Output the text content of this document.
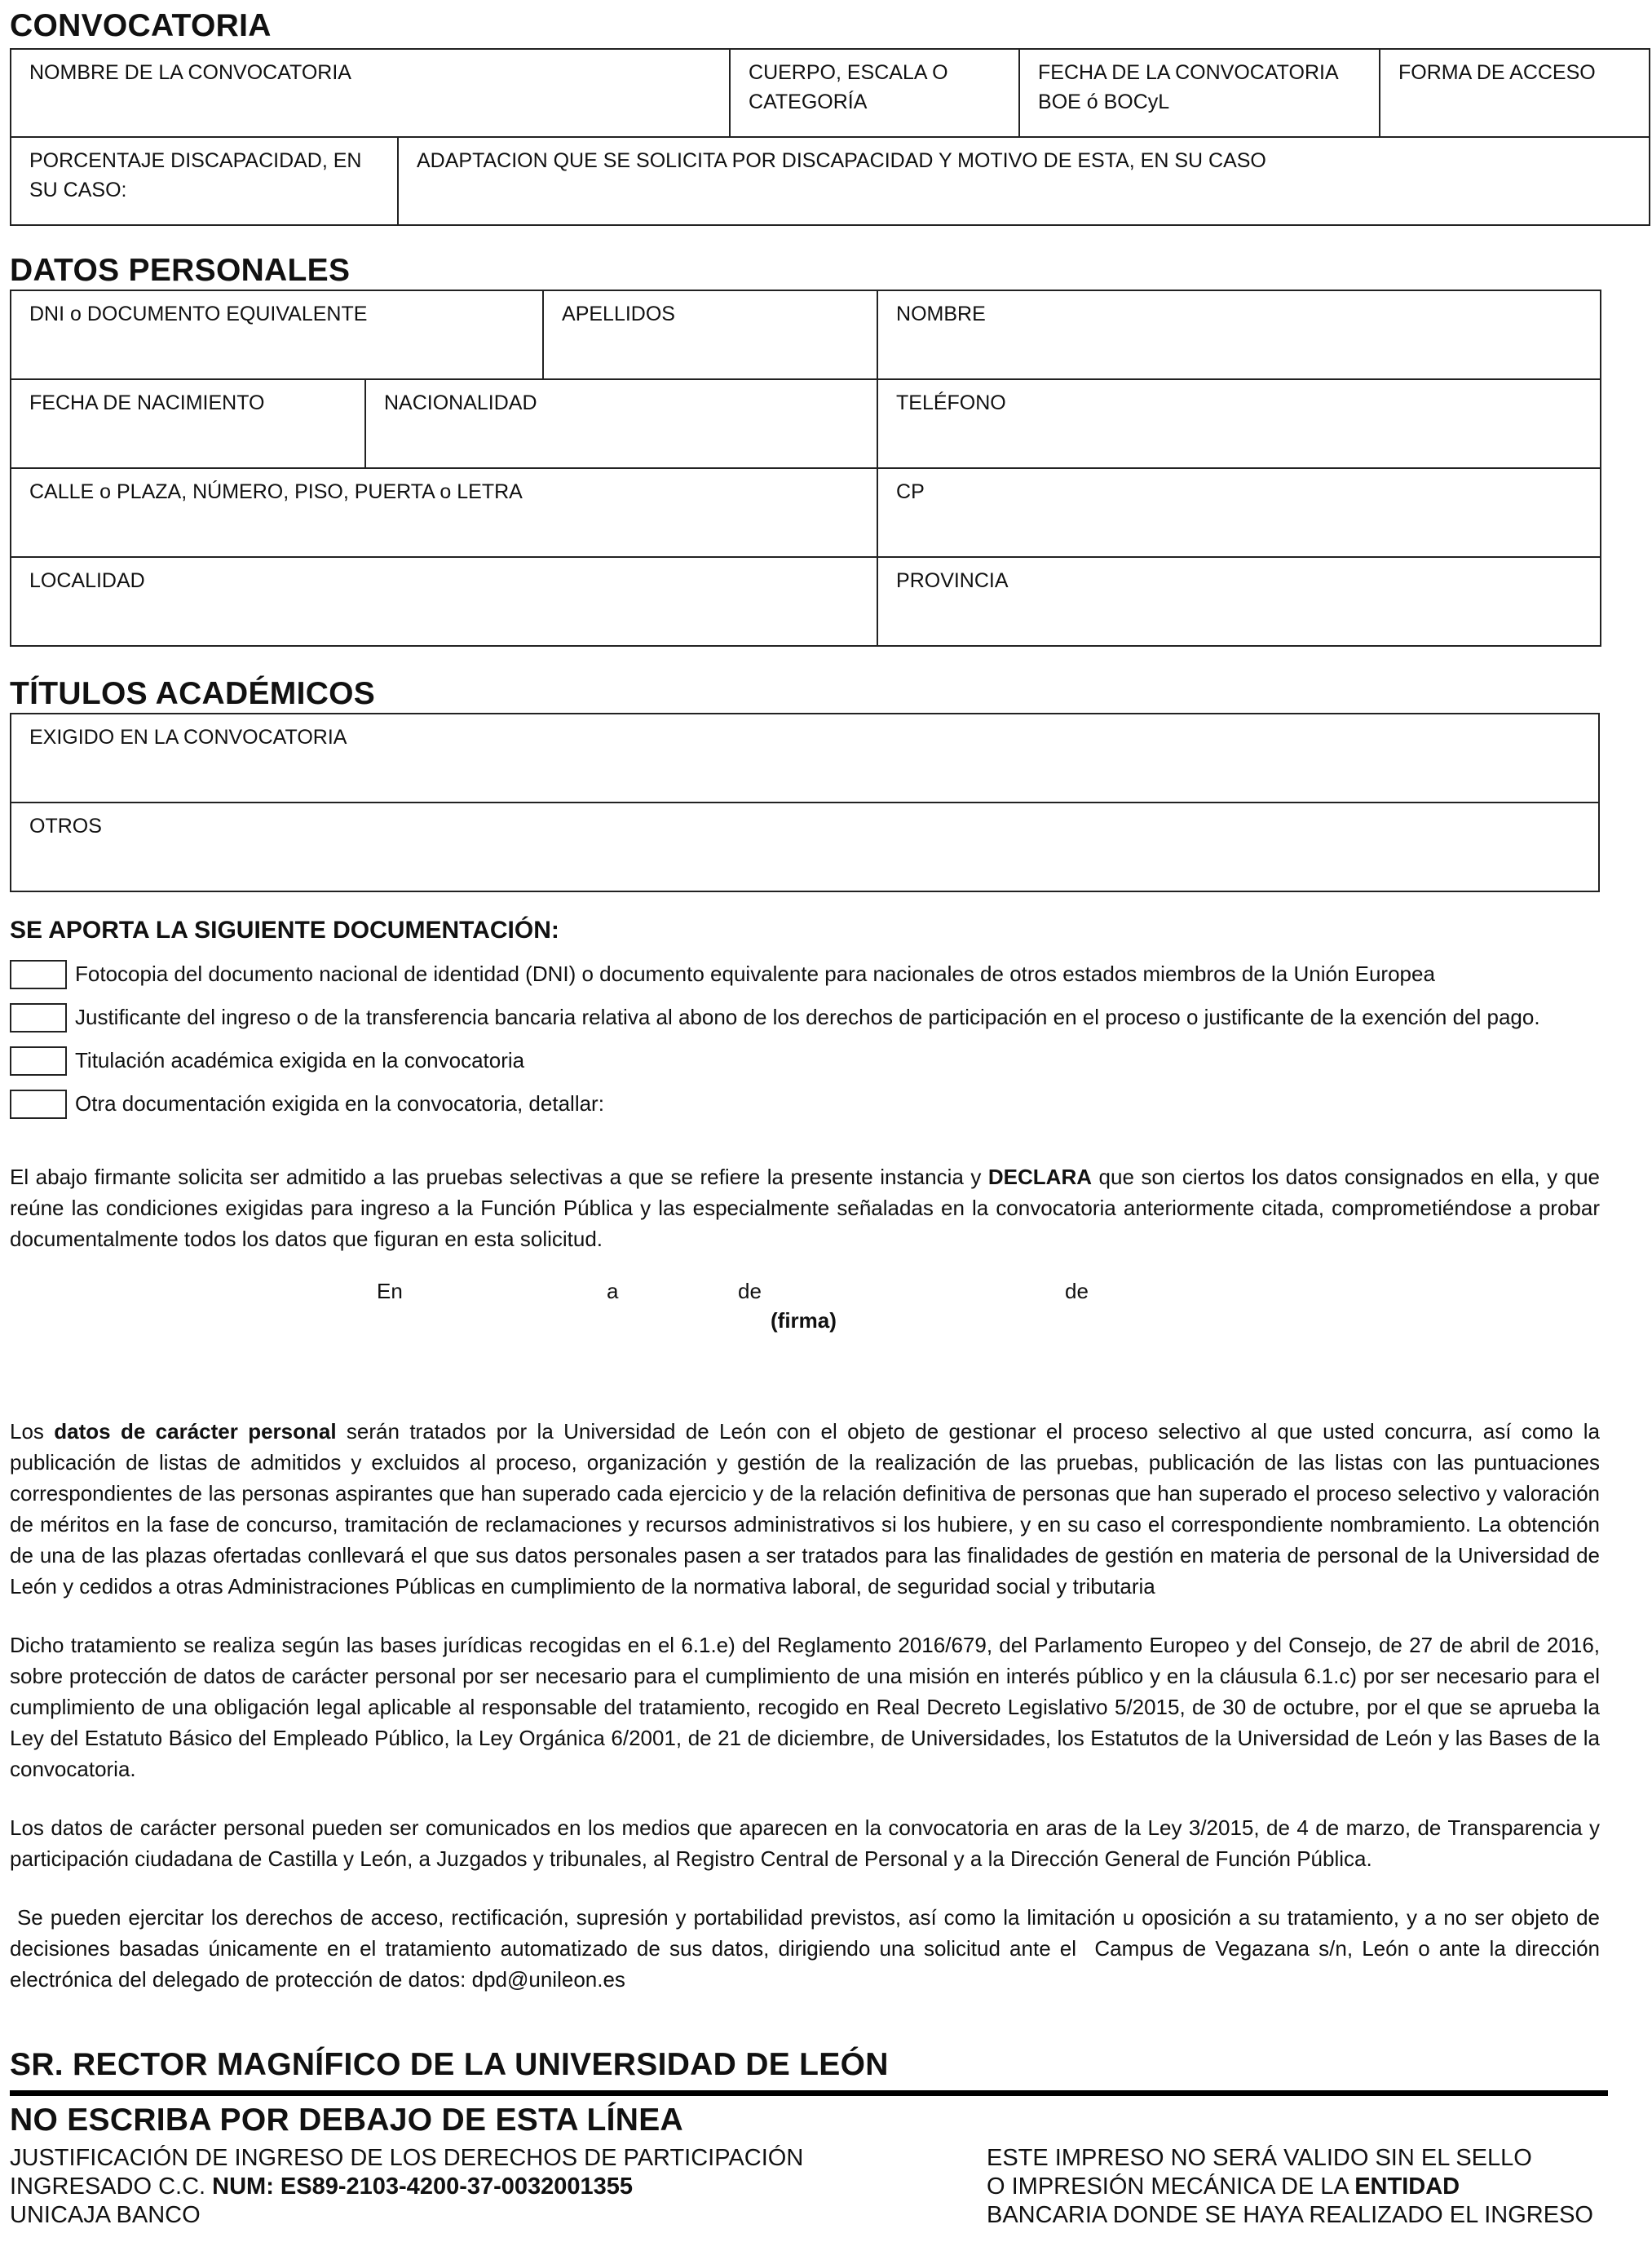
CONVOCATORIA
NOMBRE DE LA CONVOCATORIA		CUERPO, ESCALA O CATEGORÍA	FECHA DE LA CONVOCATORIA BOE ó BOCyL	FORMA DE ACCESO
PORCENTAJE DISCAPACIDAD, EN SU CASO:	ADAPTACION QUE SE SOLICITA POR DISCAPACIDAD Y MOTIVO DE ESTA, EN SU CASO			
DATOS PERSONALES
DNI o DOCUMENTO EQUIVALENTE		APELLIDOS	NOMBRE
FECHA DE NACIMIENTO	NACIONALIDAD		TELÉFONO
CALLE o PLAZA, NÚMERO, PISO, PUERTA o LETRA			CP
LOCALIDAD			PROVINCIA
TÍTULOS ACADÉMICOS
EXIGIDO EN LA CONVOCATORIA
OTROS
SE APORTA LA SIGUIENTE DOCUMENTACIÓN:
Fotocopia del documento nacional de identidad (DNI) o documento equivalente para nacionales de otros estados miembros de la Unión Europea
Justificante del ingreso o de la transferencia bancaria relativa al abono de los derechos de participación en el proceso o justificante de la exención del pago.
Titulación académica exigida en la convocatoria
Otra documentación exigida en la convocatoria, detallar:

El abajo firmante solicita ser admitido a las pruebas selectivas a que se refiere la presente instancia y DECLARA que son ciertos los datos consignados en ella, y que reúne las condiciones exigidas para ingreso a la Función Pública y las especialmente señaladas en la convocatoria anteriormente citada, comprometiéndose a probar documentalmente todos los datos que figuran en esta solicitud.

En	a	de	de
(firma)

Los datos de carácter personal serán tratados por la Universidad de León con el objeto de gestionar el proceso selectivo al que usted concurra, así como la publicación de listas de admitidos y excluidos al proceso, organización y gestión de la realización de las pruebas, publicación de las listas con las puntuaciones correspondientes de las personas aspirantes que han superado cada ejercicio y de la relación definitiva de personas que han superado el proceso selectivo y valoración de méritos en la fase de concurso, tramitación de reclamaciones y recursos administrativos si los hubiere, y en su caso el correspondiente nombramiento. La obtención de una de las plazas ofertadas conllevará el que sus datos personales pasen a ser tratados para las finalidades de gestión en materia de personal de la Universidad de León y cedidos a otras Administraciones Públicas en cumplimiento de la normativa laboral, de seguridad social y tributaria

Dicho tratamiento se realiza según las bases jurídicas recogidas en el 6.1.e) del Reglamento 2016/679, del Parlamento Europeo y del Consejo, de 27 de abril de 2016, sobre protección de datos de carácter personal por ser necesario para el cumplimiento de una misión en interés público y en la cláusula 6.1.c) por ser necesario para el cumplimiento de una obligación legal aplicable al responsable del tratamiento, recogido en Real Decreto Legislativo 5/2015, de 30 de octubre, por el que se aprueba la Ley del Estatuto Básico del Empleado Público, la Ley Orgánica 6/2001, de 21 de diciembre, de Universidades, los Estatutos de la Universidad de León y las Bases de la convocatoria.

Los datos de carácter personal pueden ser comunicados en los medios que aparecen en la convocatoria en aras de la Ley 3/2015, de 4 de marzo, de Transparencia y participación ciudadana de Castilla y León, a Juzgados y tribunales, al Registro Central de Personal y a la Dirección General de Función Pública.

Se pueden ejercitar los derechos de acceso, rectificación, supresión y portabilidad previstos, así como la limitación u oposición a su tratamiento, y a no ser objeto de decisiones basadas únicamente en el tratamiento automatizado de sus datos, dirigiendo una solicitud ante el  Campus de Vegazana s/n, León o ante la dirección electrónica del delegado de protección de datos: dpd@unileon.es

SR. RECTOR MAGNÍFICO DE LA UNIVERSIDAD DE LEÓN
NO ESCRIBA POR DEBAJO DE ESTA LÍNEA
JUSTIFICACIÓN DE INGRESO DE LOS DERECHOS DE PARTICIPACIÓN
INGRESADO C.C. NUM: ES89-2103-4200-37-0032001355
UNICAJA BANCO
ESTE IMPRESO NO SERÁ VALIDO SIN EL SELLO
O IMPRESIÓN MECÁNICA DE LA ENTIDAD
BANCARIA DONDE SE HAYA REALIZADO EL INGRESO
